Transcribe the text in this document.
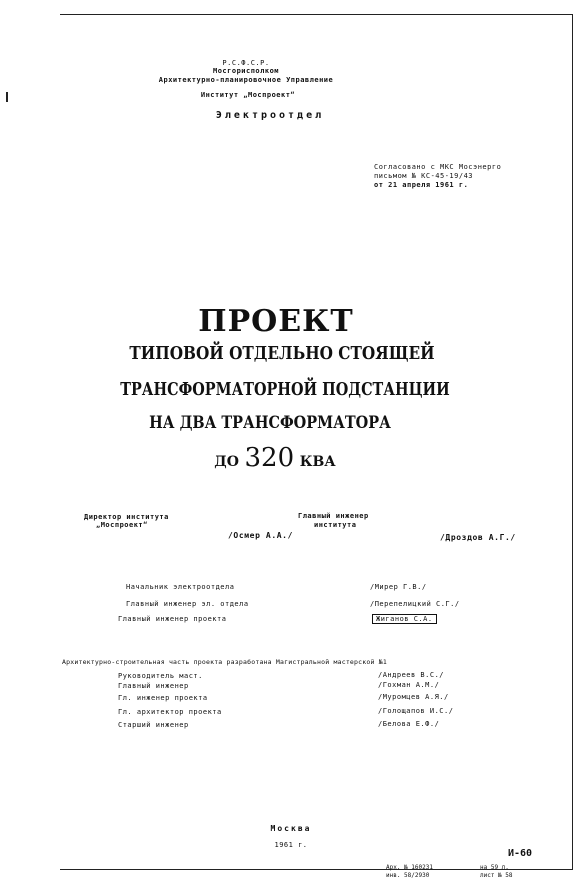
Р.С.Ф.С.Р.
Мосгорисполком
Архитектурно-планировочное Управление
Институт „Моспроект“
Электроотдел
Согласовано с МКС Мосэнерго
письмом № КС-45-19/43
от 21 апреля 1961 г.
ПРОЕКТ
ТИПОВОЙ ОТДЕЛЬНО СТОЯЩЕЙ
ТРАНСФОРМАТОРНОЙ ПОДСТАНЦИИ
НА ДВА ТРАНСФОРМАТОРА
ДО 320 КВА
Директор института
„Моспроект“
/Осмер А.А./
Главный инженер
института
/Дроздов А.Г./
Начальник электроотдела	/Мирер Г.В./
Главный инженер эл. отдела	/Перепелицкий С.Г./
Главный инженер проекта	Жиганов С.А.
Архитектурно-строительная часть проекта разработана Магистральной мастерской №1
Руководитель маст.	/Андреев В.С./
Главный инженер	/Гохман А.М./
Гл. инженер проекта	/Муромцев А.Я./
Гл. архитектор проекта	/Голощапов И.С./
Старший инженер	/Белова Е.Ф./
Москва
1961 г.
И-60
Арх. № 160231
инв. 58/2930
на 59 л.
лист № 58
